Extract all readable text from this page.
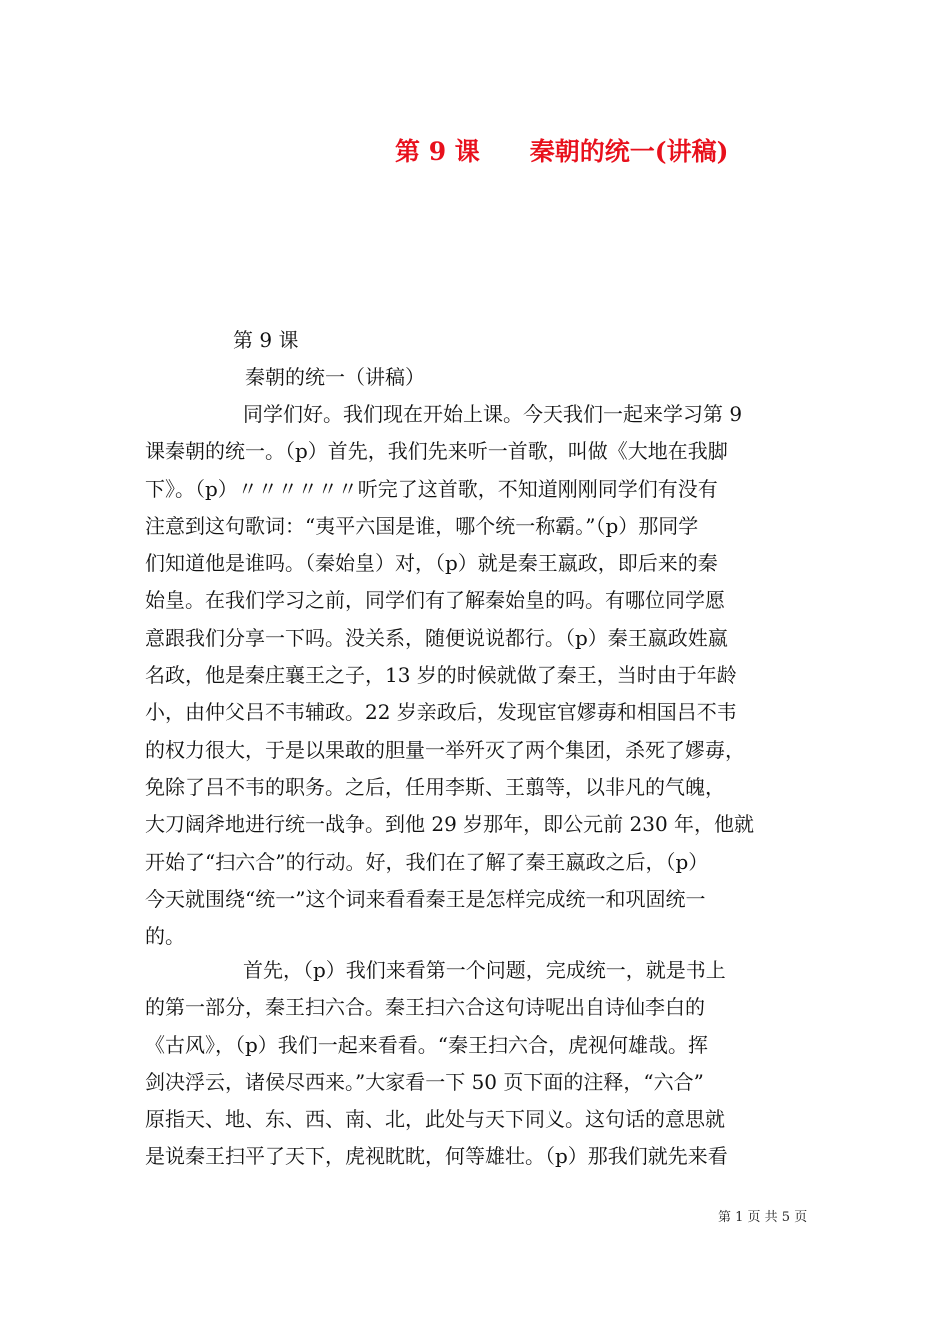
第 9 课　　秦朝的统一(讲稿)
第 9 课
秦朝的统一（讲稿）
同学们好。我们现在开始上课。今天我们一起来学习第 9
课秦朝的统一。（p）首先，我们先来听一首歌，叫做《大地在我脚
下》。（p）〃〃〃〃〃〃听完了这首歌，不知道刚刚同学们有没有
注意到这句歌词：“夷平六国是谁，哪个统一称霸。”（p）那同学
们知道他是谁吗。（秦始皇）对，（p）就是秦王嬴政，即后来的秦
始皇。在我们学习之前，同学们有了解秦始皇的吗。有哪位同学愿
意跟我们分享一下吗。没关系，随便说说都行。（p）秦王嬴政姓嬴
名政，他是秦庄襄王之子，13 岁的时候就做了秦王，当时由于年龄
小，由仲父吕不韦辅政。22 岁亲政后，发现宦官嫪毐和相国吕不韦
的权力很大，于是以果敢的胆量一举歼灭了两个集团，杀死了嫪毐，
免除了吕不韦的职务。之后，任用李斯、王翦等，以非凡的气魄，
大刀阔斧地进行统一战争。到他 29 岁那年，即公元前 230 年，他就
开始了“扫六合”的行动。好，我们在了解了秦王嬴政之后，（p）
今天就围绕“统一”这个词来看看秦王是怎样完成统一和巩固统一
的。
首先，（p）我们来看第一个问题，完成统一，就是书上
的第一部分，秦王扫六合。秦王扫六合这句诗呢出自诗仙李白的
《古风》，（p）我们一起来看看。“秦王扫六合，虎视何雄哉。挥
剑决浮云，诸侯尽西来。”大家看一下 50 页下面的注释，“六合”
原指天、地、东、西、南、北，此处与天下同义。这句话的意思就
是说秦王扫平了天下，虎视眈眈，何等雄壮。（p）那我们就先来看
第 1 页 共 5 页
